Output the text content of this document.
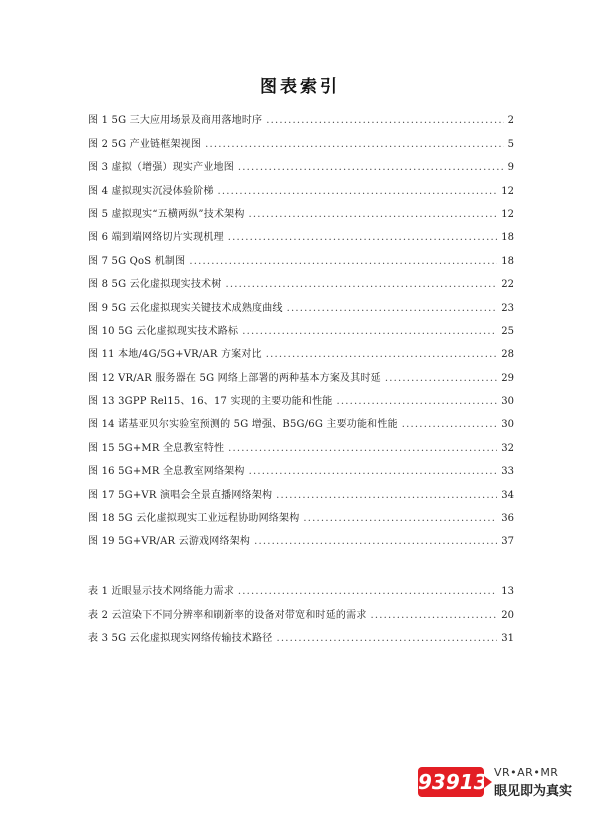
图表索引
图 1 5G 三大应用场景及商用落地时序 .....	2
图 2 5G 产业链框架视图 .....	5
图 3 虚拟（增强）现实产业地图 .....	9
图 4 虚拟现实沉浸体验阶梯 .....	12
图 5 虚拟现实“五横两纵”技术架构 .....	12
图 6 端到端网络切片实现机理 .....	18
图 7 5G QoS 机制图 .....	18
图 8 5G 云化虚拟现实技术树 .....	22
图 9 5G 云化虚拟现实关键技术成熟度曲线 .....	23
图 10 5G 云化虚拟现实技术路标 .....	25
图 11 本地/4G/5G+VR/AR 方案对比 .....	28
图 12 VR/AR 服务器在 5G 网络上部署的两种基本方案及其时延 .....	29
图 13 3GPP Rel15、16、17 实现的主要功能和性能 .....	30
图 14 诺基亚贝尔实验室预测的 5G 增强、B5G/6G 主要功能和性能 .....	30
图 15 5G+MR 全息教室特性 .....	32
图 16 5G+MR 全息教室网络架构 .....	33
图 17 5G+VR 演唱会全景直播网络架构 .....	34
图 18 5G 云化虚拟现实工业远程协助网络架构 .....	36
图 19 5G+VR/AR 云游戏网络架构 .....	37
表 1 近眼显示技术网络能力需求 .....	13
表 2 云渲染下不同分辨率和刷新率的设备对带宽和时延的需求 .....	20
表 3 5G 云化虚拟现实网络传输技术路径 .....	31
93913 VR•AR•MR
眼见即为真实
